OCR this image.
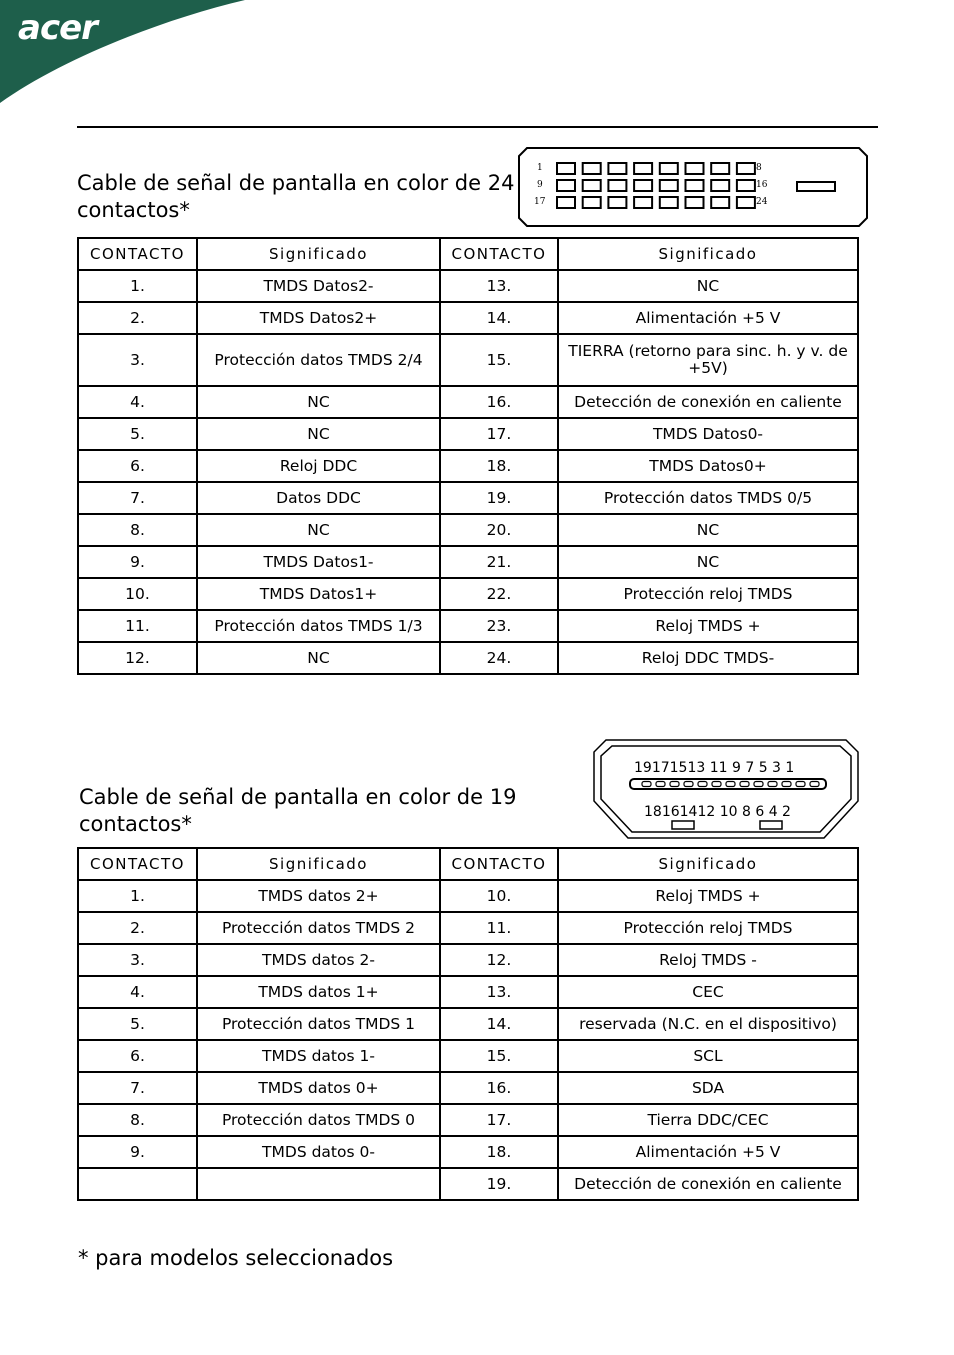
acer
Cable de señal de pantalla en color de 24 contactos*
1
9
17
8
16
24
CONTACTO	Significado	CONTACTO	Significado
1.	TMDS Datos2-	13.	NC
2.	TMDS Datos2+	14.	Alimentación +5 V
3.	Protección datos TMDS 2/4	15.	TIERRA (retorno para sinc. h. y v. de +5V)
4.	NC	16.	Detección de conexión en caliente
5.	NC	17.	TMDS Datos0-
6.	Reloj DDC	18.	TMDS Datos0+
7.	Datos DDC	19.	Protección datos TMDS 0/5
8.	NC	20.	NC
9.	TMDS Datos1-	21.	NC
10.	TMDS Datos1+	22.	Protección reloj TMDS
11.	Protección datos TMDS 1/3	23.	Reloj TMDS +
12.	NC	24.	Reloj DDC TMDS-
Cable de señal de pantalla en color de 19 contactos*
19171513 11 9 7 5 3 1
18161412 10 8 6 4 2
CONTACTO	Significado	CONTACTO	Significado
1.	TMDS datos 2+	10.	Reloj TMDS +
2.	Protección datos TMDS 2	11.	Protección reloj TMDS
3.	TMDS datos 2-	12.	Reloj TMDS -
4.	TMDS datos 1+	13.	CEC
5.	Protección datos TMDS 1	14.	reservada (N.C. en el dispositivo)
6.	TMDS datos 1-	15.	SCL
7.	TMDS datos 0+	16.	SDA
8.	Protección datos TMDS 0	17.	Tierra DDC/CEC
9.	TMDS datos 0-	18.	Alimentación +5 V
		19.	Detección de conexión en caliente
* para modelos seleccionados
